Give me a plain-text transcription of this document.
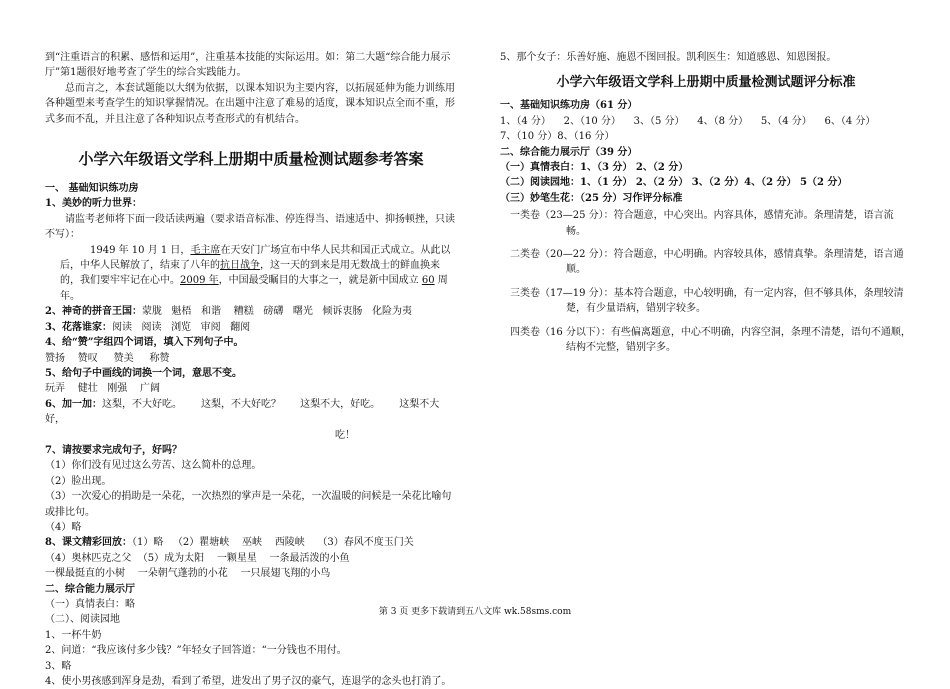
到“注重语言的积累、感悟和运用”，注重基本技能的实际运用。如：第二大题“综合能力展示厅”第1题很好地考查了学生的综合实践能力。

总而言之，本套试题能以大纲为依据，以课本知识为主要内容，以拓展延伸为能力训练用各种题型来考查学生的知识掌握情况。在出题中注意了难易的适度，课本知识点全而不重，形式多而不乱，并且注意了各种知识点考查形式的有机结合。

小学六年级语文学科上册期中质量检测试题参考答案

一、 基础知识练功房

1、美妙的听力世界：

请监考老师将下面一段话读两遍（要求语音标准、停连得当、语速适中、抑扬顿挫，只读不写）：

1949 年 10 月 1 日，毛主席在天安门广场宣布中华人民共和国正式成立。从此以后，中华人民解放了，结束了八年的抗日战争，这一天的到来是用无数战士的鲜血换来的，我们要牢牢记在心中。2009 年，中国最受瞩目的大事之一，就是新中国成立 60 周年。

2、神奇的拼音王国：蒙胧 魁梧 和谐 糟糕 磅礴 曙光 倾诉衷肠 化险为夷

3、花落谁家：阅读 阅读 浏览 审阅 翻阅

4、给“赞”字组四个词语，填入下列句子中。

赞扬 赞叹 赞美 称赞

5、给句子中画线的词换一个词，意思不变。

玩弄 健壮 刚强 广阔

6、加一加：这梨，不大好吃。 这梨，不大好吃？ 这梨不大，好吃。 这梨不大好，

吃！

7、请按要求完成句子，好吗？

（1）你们没有见过这么劳苦、这么简朴的总理。

（2）脸出现。

（3）一次爱心的捐助是一朵花，一次热烈的掌声是一朵花，一次温暖的问候是一朵花比喻句或排比句。

（4）略

8、课文精彩回放：（1）略 （2）瞿塘峡 巫峡 西陵峡 （3）春风不度玉门关

（4）奥林匹克之父 （5）成为太阳 一颗星星 一条最活泼的小鱼

一棵最挺直的小树 一朵朝气蓬勃的小花 一只展翅飞翔的小鸟

二、综合能力展示厅

（一）真情表白：略

（二）、阅读园地

1、一杯牛奶

2、问道：“我应该付多少钱？”年轻女子回答道：“一分钱也不用付。

3、略

4、使小男孩感到浑身是劲，看到了希望，进发出了男子汉的豪气，连退学的念头也打消了。

5、那个女子：乐善好施、施恩不图回报。凯利医生：知道感恩、知恩图报。

小学六年级语文学科上册期中质量检测试题评分标准

一、基础知识练功房（61 分）

1、（4 分） 2、（10 分） 3、（5 分） 4、（8 分） 5、（4 分） 6、（4 分）

7、（10 分）8、（16 分）

二、综合能力展示厅（39 分）

（一）真情表白：1、（3 分） 2、（2 分）

（二）阅读园地：1、（1 分） 2、（2 分） 3、（2 分）4、（2 分） 5（2 分）

（三）妙笔生花：（25 分）习作评分标准

一类卷（23—25 分）：符合题意，中心突出。内容具体，感情充沛。条理清楚，语言流畅。

二类卷（20—22 分）：符合题意，中心明确。内容较具体，感情真挚。条理清楚，语言通顺。

三类卷（17—19 分）：基本符合题意，中心较明确，有一定内容，但不够具体，条理较清楚，有少量语病，错别字较多。

四类卷（16 分以下）：有些偏离题意，中心不明确，内容空洞，条理不清楚，语句不通顺，结构不完整，错别字多。

第 3 页 更多下载请到五八文库 wk.58sms.com
